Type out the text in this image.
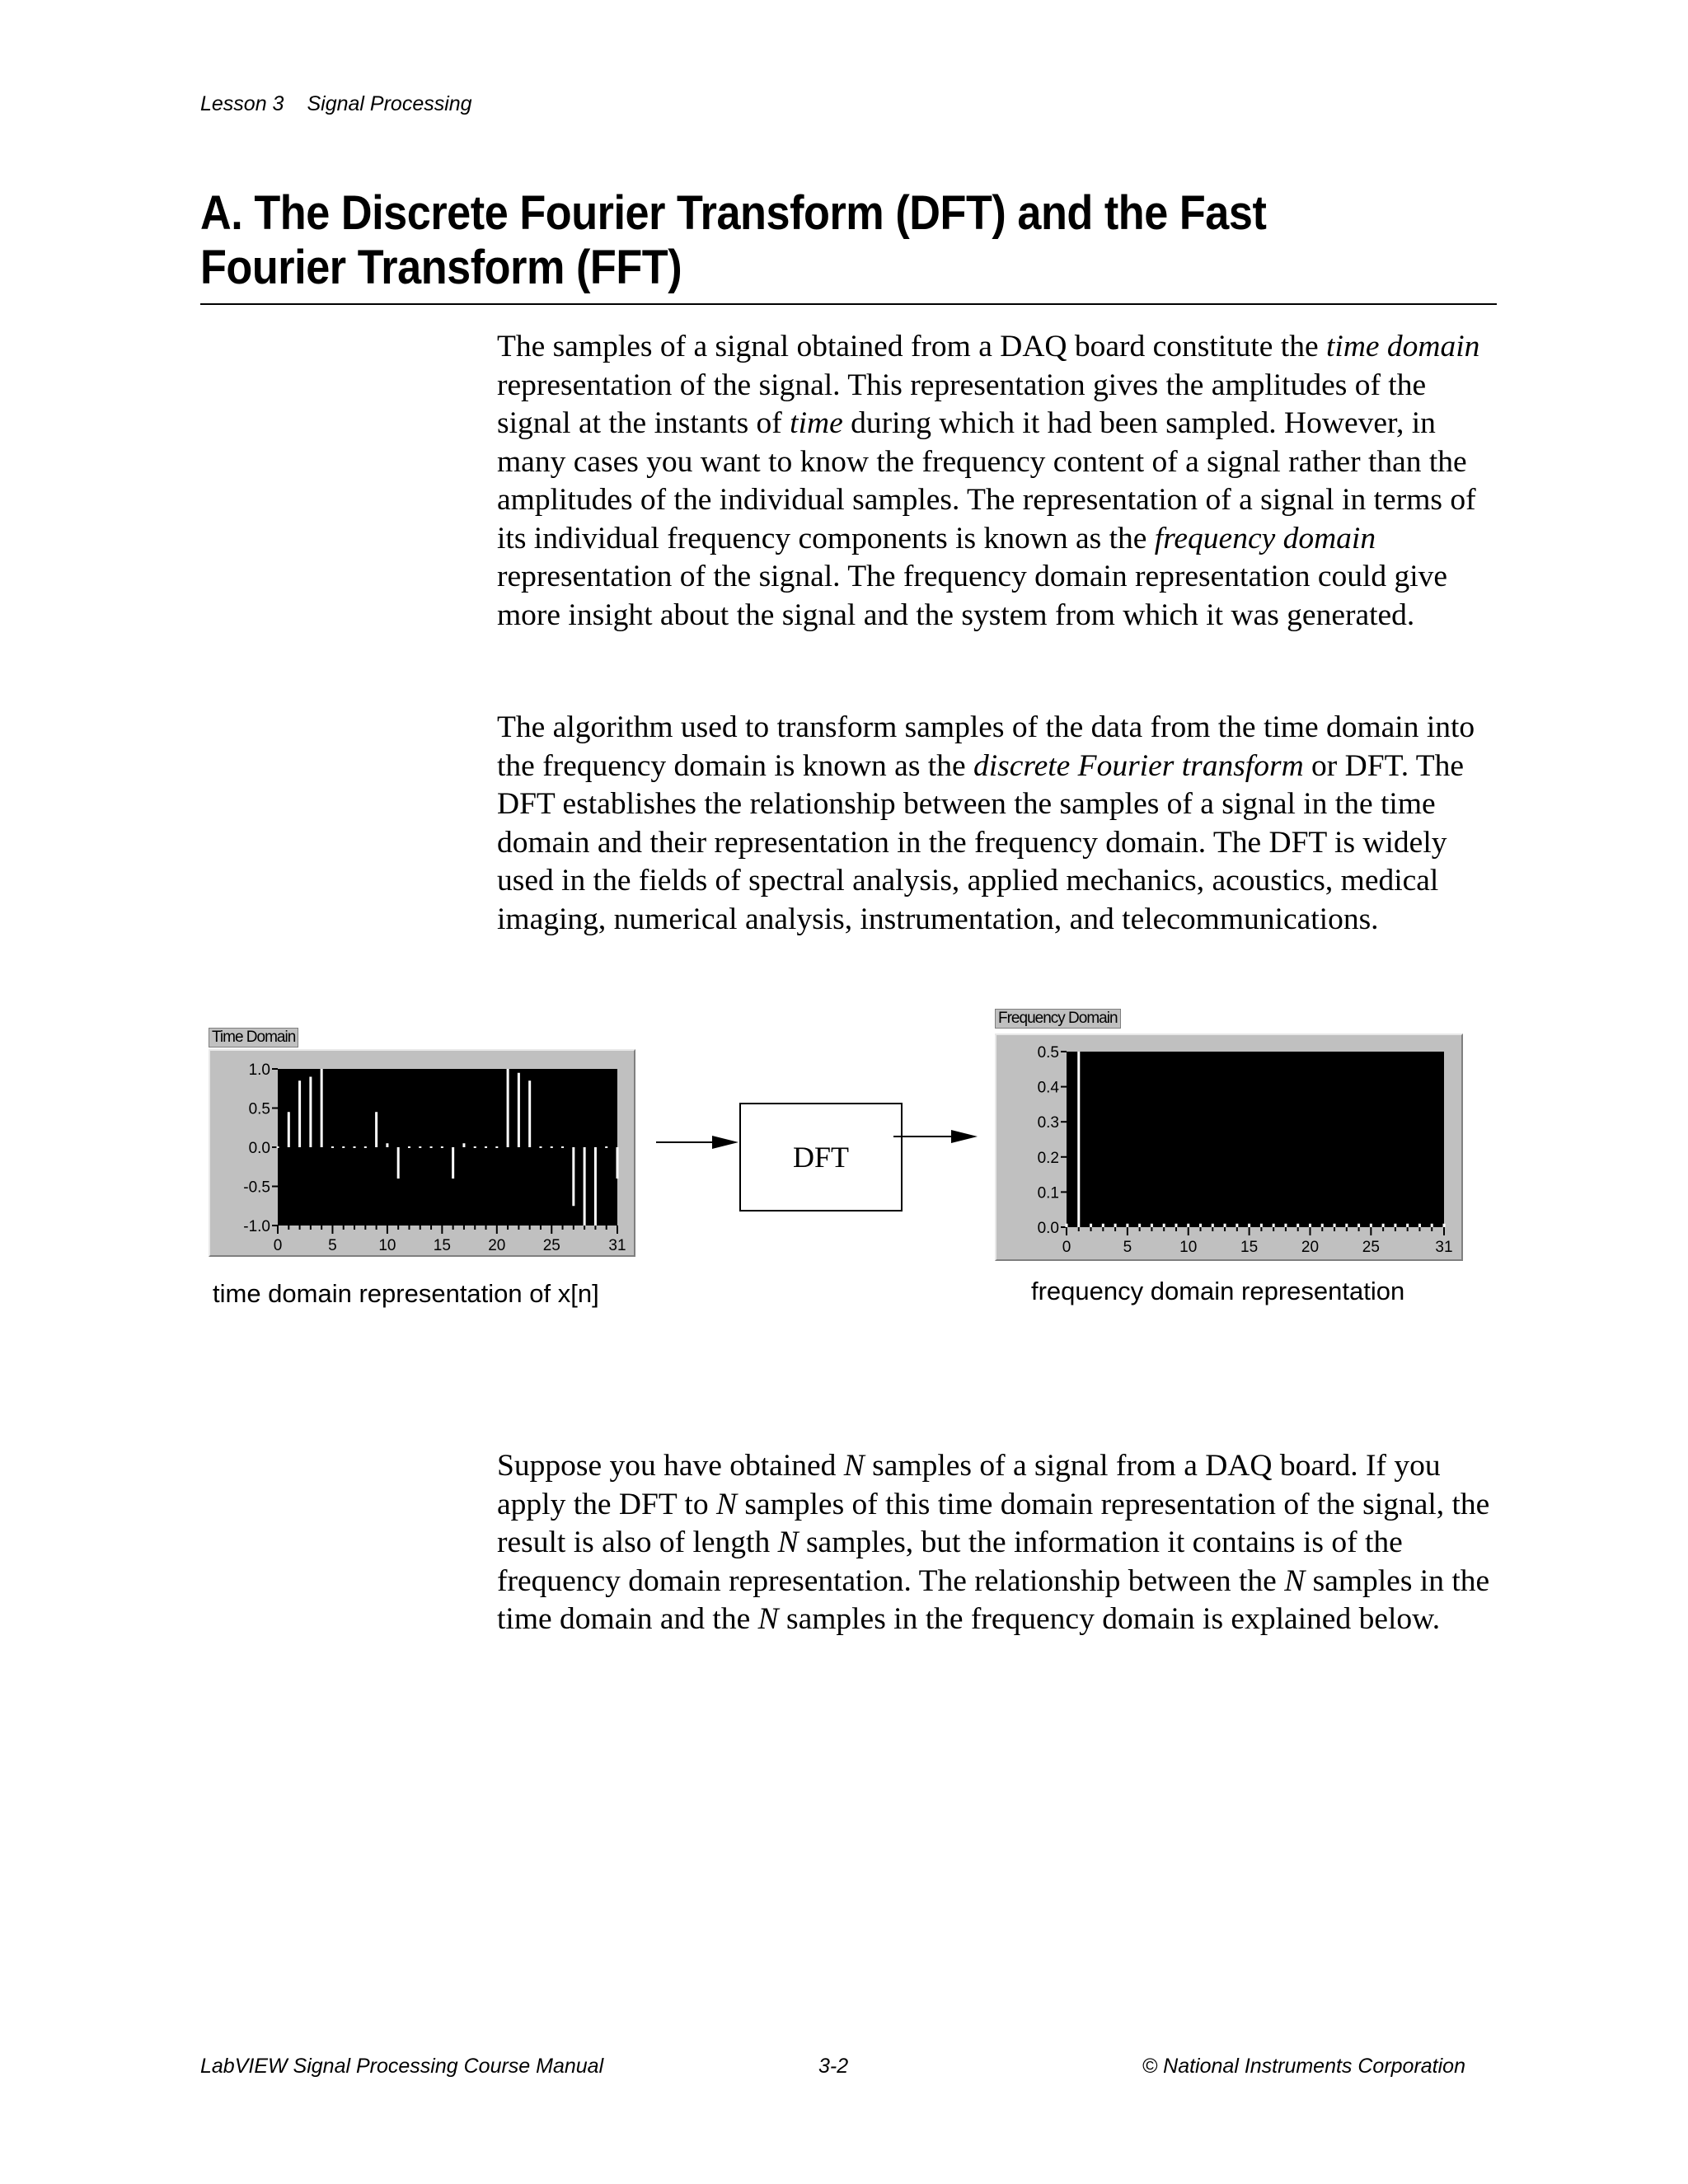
Lesson 3 Signal Processing
A. The Discrete Fourier Transform (DFT) and the Fast Fourier Transform (FFT)

The samples of a signal obtained from a DAQ board constitute the time domain representation of the signal. This representation gives the amplitudes of the signal at the instants of time during which it had been sampled. However, in many cases you want to know the frequency content of a signal rather than the amplitudes of the individual samples. The representation of a signal in terms of its individual frequency components is known as the frequency domain representation of the signal. The frequency domain representation could give more insight about the signal and the system from which it was generated.

The algorithm used to transform samples of the data from the time domain into the frequency domain is known as the discrete Fourier transform or DFT. The DFT establishes the relationship between the samples of a signal in the time domain and their representation in the frequency domain. The DFT is widely used in the fields of spectral analysis, applied mechanics, acoustics, medical imaging, numerical analysis, instrumentation, and telecommunications.

Time Domain
1.0
0.5
0.0
-0.5
-1.0
0	5	10 15 20 25	31
DFT
Frequency Domain
0.5
0.4
0.3
0.2
0.1
0.0
0	5	10	15	20	25	31
time domain representation of x[n]	frequency domain representation

Suppose you have obtained N samples of a signal from a DAQ board. If you apply the DFT to N samples of this time domain representation of the signal, the result is also of length N samples, but the information it contains is of the frequency domain representation. The relationship between the N samples in the time domain and the N samples in the frequency domain is explained below.

LabVIEW Signal Processing Course Manual	3-2	© National Instruments Corporation
